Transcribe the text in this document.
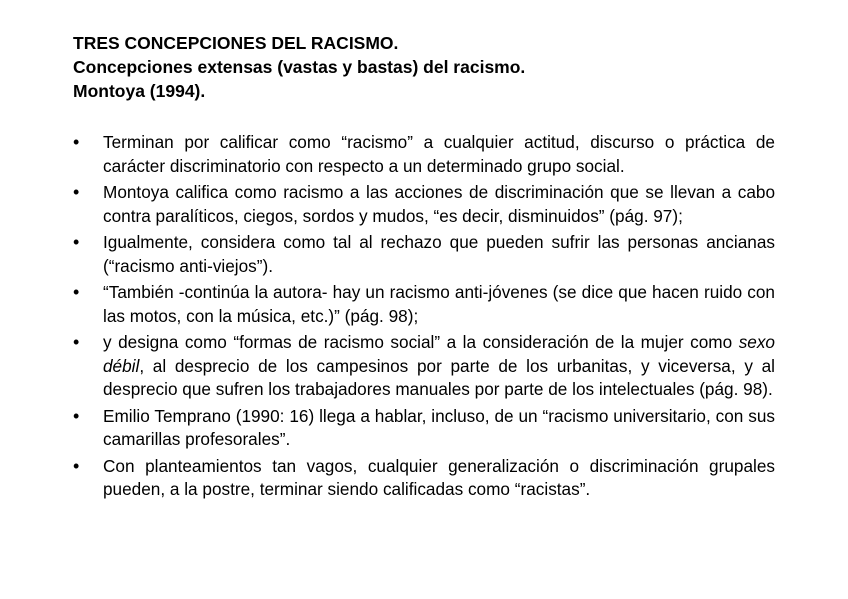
TRES CONCEPCIONES DEL RACISMO.
Concepciones extensas (vastas y bastas) del racismo.
Montoya (1994).
• Terminan por calificar como “racismo” a cualquier actitud, discurso o práctica de carácter discriminatorio con respecto a un determinado grupo social.
• Montoya califica como racismo a las acciones de discriminación que se llevan a cabo contra paralíticos, ciegos, sordos y mudos, “es decir, disminuidos” (pág. 97);
• Igualmente, considera como tal al rechazo que pueden sufrir las personas ancianas (“racismo anti-viejos”).
• “También -continúa la autora- hay un racismo anti-jóvenes (se dice que hacen ruido con las motos, con la música, etc.)” (pág. 98);
• y designa como “formas de racismo social” a la consideración de la mujer como sexo débil, al desprecio de los campesinos por parte de los urbanitas, y viceversa, y al desprecio que sufren los trabajadores manuales por parte de los intelectuales (pág. 98).
• Emilio Temprano (1990: 16) llega a hablar, incluso, de un “racismo universitario, con sus camarillas profesorales”.
• Con planteamientos tan vagos, cualquier generalización o discriminación grupales pueden, a la postre, terminar siendo calificadas como “racistas”.
